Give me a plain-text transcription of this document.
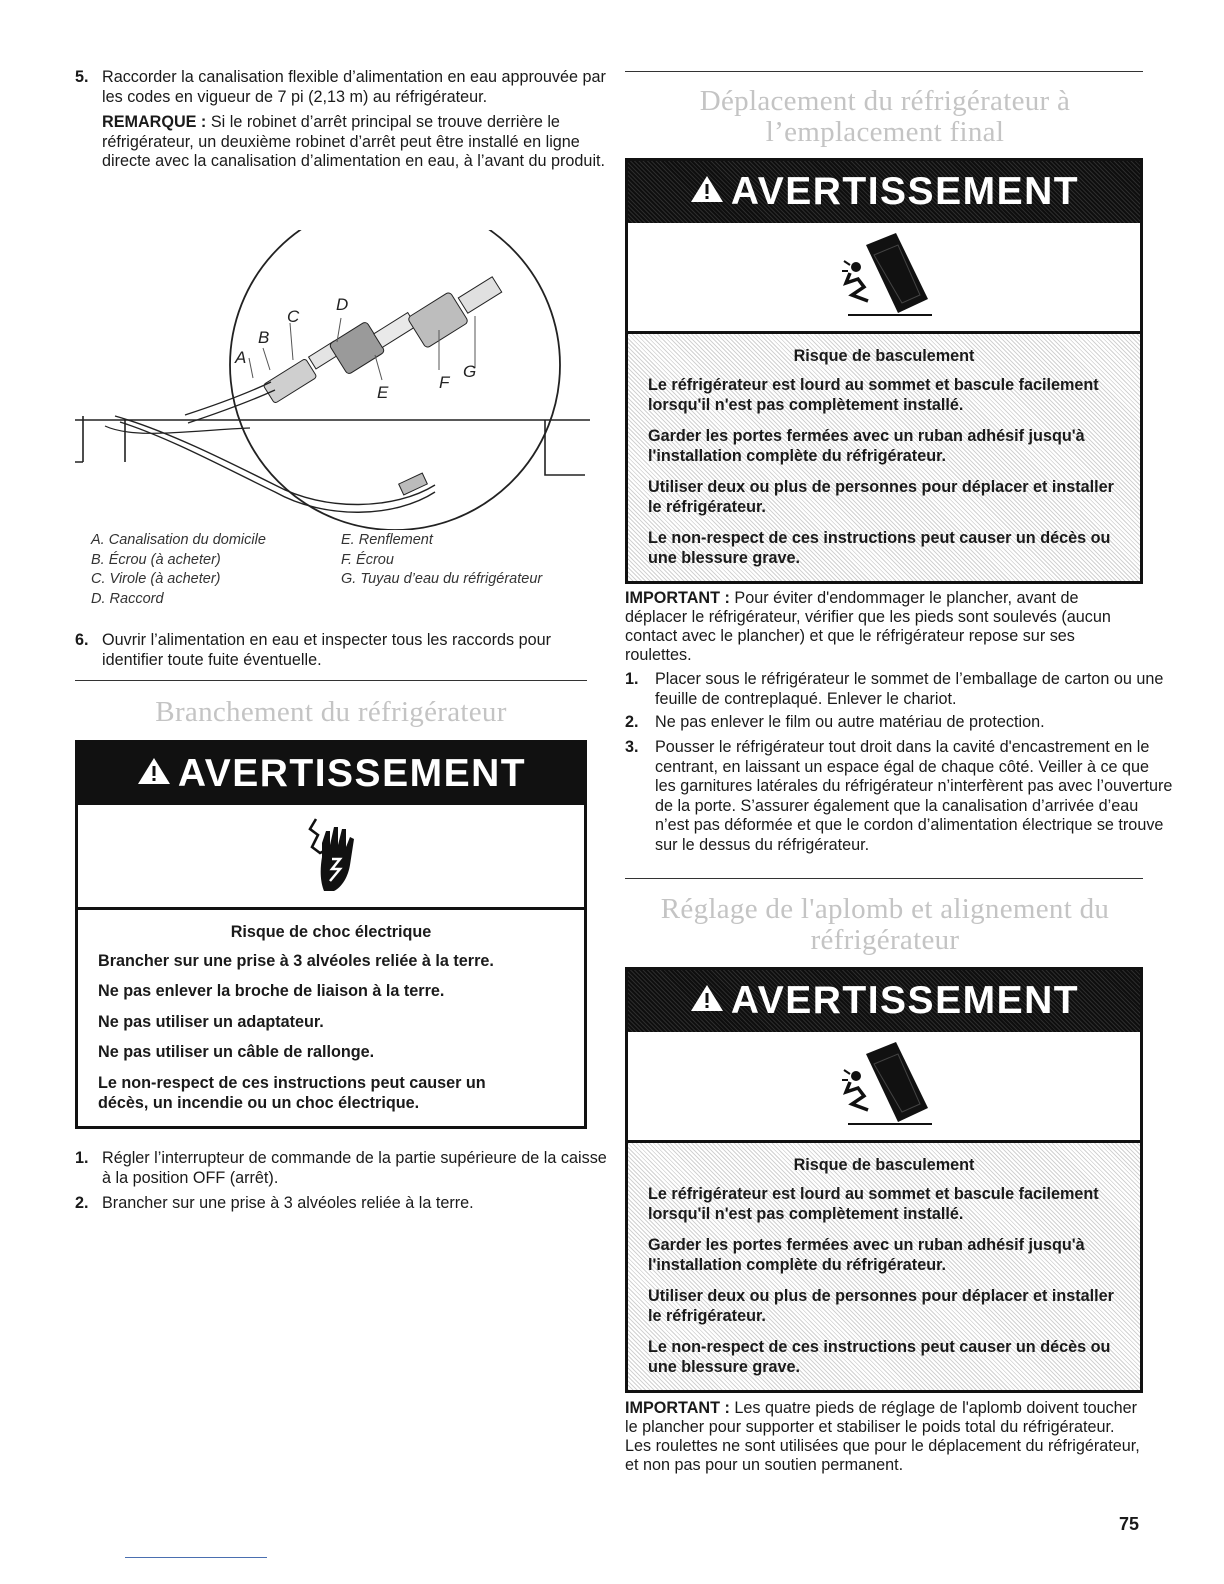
5. Raccorder la canalisation flexible d’alimentation en eau approuvée par les codes en vigueur de 7 pi (2,13 m) au réfrigérateur.
REMARQUE : Si le robinet d’arrêt principal se trouve derrière le réfrigérateur, un deuxième robinet d’arrêt peut être installé en ligne directe avec la canalisation d’alimentation en eau, à l’avant du produit.
A
B
C
D
E
F
G
A. Canalisation du domicile
B. Écrou (à acheter)
C. Virole (à acheter)
D. Raccord
E. Renflement
F. Écrou
G. Tuyau d’eau du réfrigérateur
6. Ouvrir l’alimentation en eau et inspecter tous les raccords pour identifier toute fuite éventuelle.
Branchement du réfrigérateur
AVERTISSEMENT
Risque de choc électrique
Brancher sur une prise à 3 alvéoles reliée à la terre.
Ne pas enlever la broche de liaison à la terre.
Ne pas utiliser un adaptateur.
Ne pas utiliser un câble de rallonge.
Le non-respect de ces instructions peut causer un décès, un incendie ou un choc électrique.
1. Régler l’interrupteur de commande de la partie supérieure de la caisse à la position OFF (arrêt).
2. Brancher sur une prise à 3 alvéoles reliée à la terre.
Déplacement du réfrigérateur à l’emplacement final
AVERTISSEMENT
Risque de basculement
Le réfrigérateur est lourd au sommet et bascule facilement lorsqu'il n'est pas complètement installé.
Garder les portes fermées avec un ruban adhésif jusqu'à l'installation complète du réfrigérateur.
Utiliser deux ou plus de personnes pour déplacer et installer le réfrigérateur.
Le non-respect de ces instructions peut causer un décès ou une blessure grave.
IMPORTANT : Pour éviter d'endommager le plancher, avant de déplacer le réfrigérateur, vérifier que les pieds sont soulevés (aucun contact avec le plancher) et que le réfrigérateur repose sur ses roulettes.
1. Placer sous le réfrigérateur le sommet de l’emballage de carton ou une feuille de contreplaqué. Enlever le chariot.
2. Ne pas enlever le film ou autre matériau de protection.
3. Pousser le réfrigérateur tout droit dans la cavité d'encastrement en le centrant, en laissant un espace égal de chaque côté. Veiller à ce que les garnitures latérales du réfrigérateur n’interfèrent pas avec l’ouverture de la porte. S’assurer également que la canalisation d’arrivée d’eau n’est pas déformée et que le cordon d’alimentation électrique se trouve sur le dessus du réfrigérateur.
Réglage de l'aplomb et alignement du réfrigérateur
AVERTISSEMENT
Risque de basculement
Le réfrigérateur est lourd au sommet et bascule facilement lorsqu'il n'est pas complètement installé.
Garder les portes fermées avec un ruban adhésif jusqu'à l'installation complète du réfrigérateur.
Utiliser deux ou plus de personnes pour déplacer et installer le réfrigérateur.
Le non-respect de ces instructions peut causer un décès ou une blessure grave.
IMPORTANT : Les quatre pieds de réglage de l'aplomb doivent toucher le plancher pour supporter et stabiliser le poids total du réfrigérateur. Les roulettes ne sont utilisées que pour le déplacement du réfrigérateur, et non pas pour un soutien permanent.
75
